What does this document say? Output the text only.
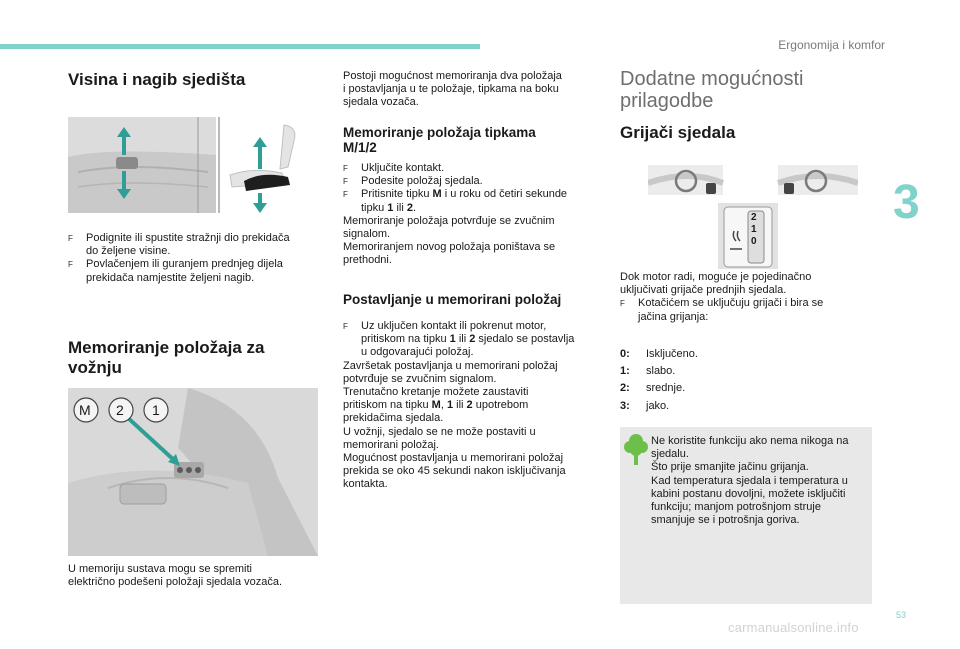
Ergonomija i komfor
3
Visina i nagib sjedišta
F Podignite ili spustite stražnji dio prekidača
do željene visine.
F Povlačenjem ili guranjem prednjeg dijela
prekidača namjestite željeni nagib.
Memoriranje položaja za
vožnju
M 2 1
U memoriju sustava mogu se spremiti
električno podešeni položaji sjedala vozača.
Postoji mogućnost memoriranja dva položaja
i postavljanja u te položaje, tipkama na boku
sjedala vozača.
Memoriranje položaja tipkama
M/1/2
F Uključite kontakt.
F Podesite položaj sjedala.
F Pritisnite tipku M i u roku od četiri sekunde
tipku 1 ili 2.
Memoriranje položaja potvrđuje se zvučnim
signalom.
Memoriranjem novog položaja poništava se
prethodni.
Postavljanje u memorirani položaj
F Uz uključen kontakt ili pokrenut motor,
pritiskom na tipku 1 ili 2 sjedalo se postavlja
u odgovarajući položaj.
Završetak postavljanja u memorirani položaj
potvrđuje se zvučnim signalom.
Trenutačno kretanje možete zaustaviti
pritiskom na tipku M, 1 ili 2 upotrebom
prekidačima sjedala.
U vožnji, sjedalo se ne može postaviti u
memorirani položaj.
Mogućnost postavljanja u memorirani položaj
prekida se oko 45 sekundi nakon isključivanja
kontakta.
Dodatne mogućnosti
prilagodbe
Grijači sjedala
2
1
0
Dok motor radi, moguće je pojedinačno
uključivati grijače prednjih sjedala.
F Kotačićem se uključuju grijači i bira se
jačina grijanja:
0:	Isključeno.
1:	slabo.
2:	srednje.
3:	jako.
Ne koristite funkciju ako nema nikoga na
sjedalu.
Što prije smanjite jačinu grijanja.
Kad temperatura sjedala i temperatura u
kabini postanu dovoljni, možete isključiti
funkciju; manjom potrošnjom struje
smanjuje se i potrošnja goriva.
53
carmanualsonline.info
